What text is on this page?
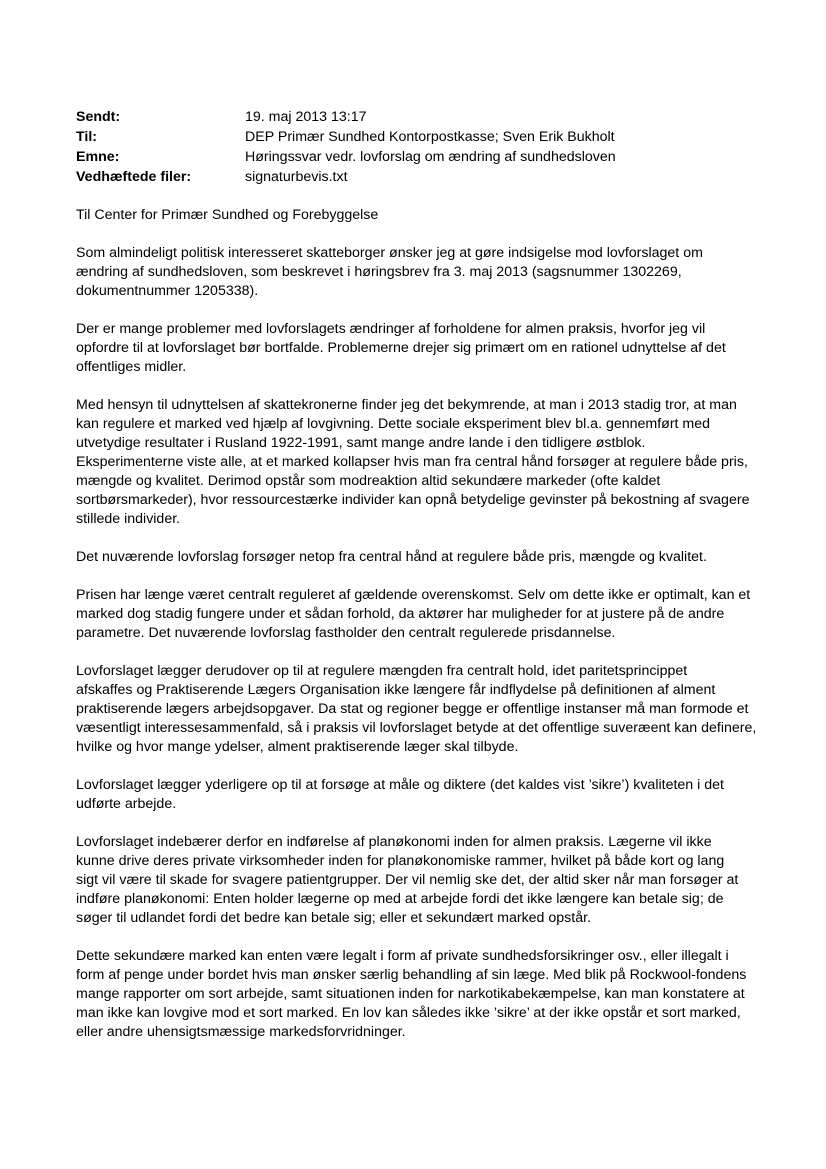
Sendt:	19. maj 2013 13:17
Til:	DEP Primær Sundhed Kontorpostkasse; Sven Erik Bukholt
Emne:	Høringssvar vedr. lovforslag om ændring af sundhedsloven
Vedhæftede filer:	signaturbevis.txt
Til Center for Primær Sundhed og Forebyggelse
Som almindeligt politisk interesseret skatteborger ønsker jeg at gøre indsigelse mod lovforslaget om
ændring af sundhedsloven, som beskrevet i høringsbrev fra 3. maj 2013 (sagsnummer 1302269,
dokumentnummer 1205338).
Der er mange problemer med lovforslagets ændringer af forholdene for almen praksis, hvorfor jeg vil
opfordre til at lovforslaget bør bortfalde. Problemerne drejer sig primært om en rationel udnyttelse af det
offentliges midler.
Med hensyn til udnyttelsen af skattekronerne finder jeg det bekymrende, at man i 2013 stadig tror, at man
kan regulere et marked ved hjælp af lovgivning. Dette sociale eksperiment blev bl.a. gennemført med
utvetydige resultater i Rusland 1922-1991, samt mange andre lande i den tidligere østblok.
Eksperimenterne viste alle, at et marked kollapser hvis man fra central hånd forsøger at regulere både pris,
mængde og kvalitet. Derimod opstår som modreaktion altid sekundære markeder (ofte kaldet
sortbørsmarkeder), hvor ressourcestærke individer kan opnå betydelige gevinster på bekostning af svagere
stillede individer.
Det nuværende lovforslag forsøger netop fra central hånd at regulere både pris, mængde og kvalitet.
Prisen har længe været centralt reguleret af gældende overenskomst. Selv om dette ikke er optimalt, kan et
marked dog stadig fungere under et sådan forhold, da aktører har muligheder for at justere på de andre
parametre. Det nuværende lovforslag fastholder den centralt regulerede prisdannelse.
Lovforslaget lægger derudover op til at regulere mængden fra centralt hold, idet paritetsprincippet
afskaffes og Praktiserende Lægers Organisation ikke længere får indflydelse på definitionen af alment
praktiserende lægers arbejdsopgaver. Da stat og regioner begge er offentlige instanser må man formode et
væsentligt interessesammenfald, så i praksis vil lovforslaget betyde at det offentlige suveræent kan definere,
hvilke og hvor mange ydelser, alment praktiserende læger skal tilbyde.
Lovforslaget lægger yderligere op til at forsøge at måle og diktere (det kaldes vist ’sikre’) kvaliteten i det
udførte arbejde.
Lovforslaget indebærer derfor en indførelse af planøkonomi inden for almen praksis. Lægerne vil ikke
kunne drive deres private virksomheder inden for planøkonomiske rammer, hvilket på både kort og lang
sigt vil være til skade for svagere patientgrupper. Der vil nemlig ske det, der altid sker når man forsøger at
indføre planøkonomi: Enten holder lægerne op med at arbejde fordi det ikke længere kan betale sig; de
søger til udlandet fordi det bedre kan betale sig; eller et sekundært marked opstår.
Dette sekundære marked kan enten være legalt i form af private sundhedsforsikringer osv., eller illegalt i
form af penge under bordet hvis man ønsker særlig behandling af sin læge. Med blik på Rockwool-fondens
mange rapporter om sort arbejde, samt situationen inden for narkotikabekæmpelse, kan man konstatere at
man ikke kan lovgive mod et sort marked. En lov kan således ikke ’sikre’ at der ikke opstår et sort marked,
eller andre uhensigtsmæssige markedsforvridninger.
